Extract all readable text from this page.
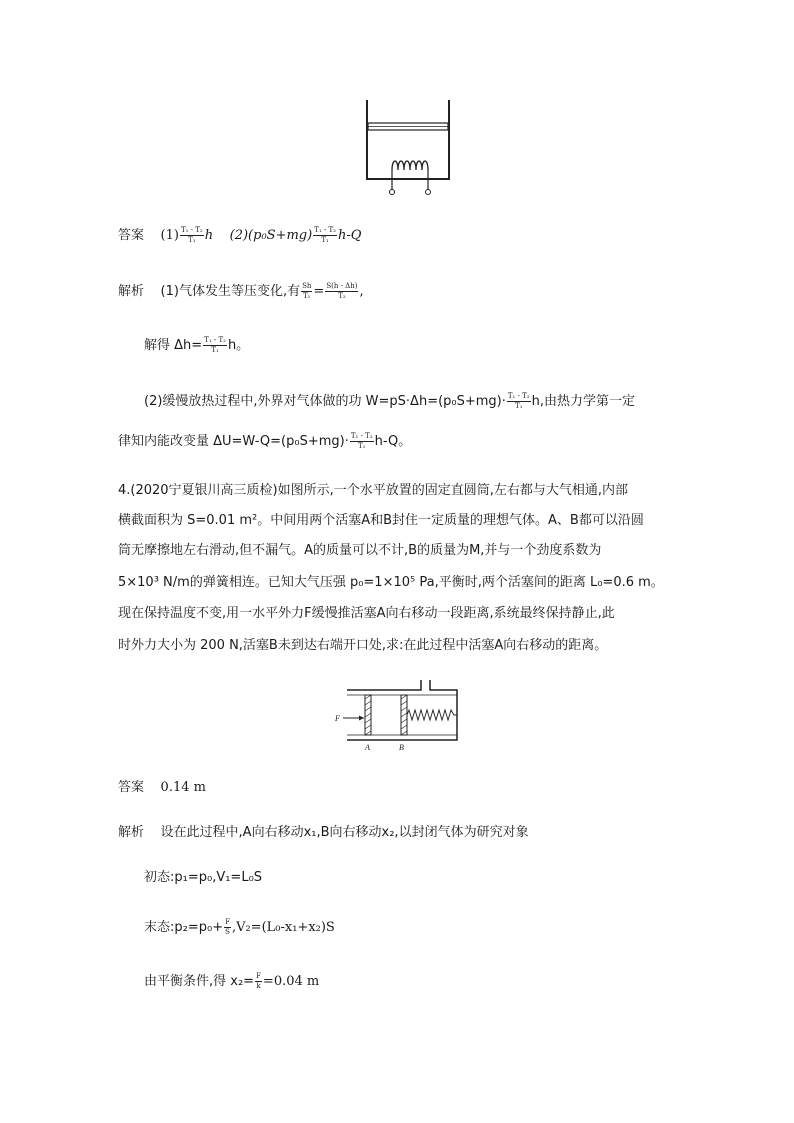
答案 $(1) \frac{\text{T₁ - T₂}}{\text{T₁}}$ h $(2)(p_0S+mg) \frac{\text{T₁ - T₂}}{\text{T₁}} h-Q$
解析 (1)气体发生等压变化,有 $\frac{Sh}{\text{T₁}} = \frac{S(h - \Delta h)}{\text{T₂}}$ ,
解得 $\Delta h= \frac{\text{T₁ - T₂}}{\text{T₁}}$ h。
(2)缓慢放热过程中,外界对气体做的功 $W=pS\cdot\Delta h=(p_0S+mg)\cdot \frac{\text{T₁ - T₂}}{\text{T₁}} h$,由热力学第一定
律知内能改变量 $\Delta U=W-Q=(p_0S+mg)\cdot \frac{\text{T₁ - T₂}}{\text{T₁}} h-Q$。
4.(2020宁夏银川高三质检)如图所示,一个水平放置的固定直圆筒,左右都与大气相通,内部
横截面积为 S=0.01 m²。中间用两个活塞A和B封住一定质量的理想气体。A、B都可以沿圆
筒无摩擦地左右滑动,但不漏气。A的质量可以不计,B的质量为M,并与一个劲度系数为
5×10³ N/m的弹簧相连。已知大气压强 p₀=1×10⁵ Pa,平衡时,两个活塞间的距离 L₀=0.6 m。
现在保持温度不变,用一水平外力F缓慢推活塞A向右移动一段距离,系统最终保持静止,此
时外力大小为 200 N,活塞B未到达右端开口处,求:在此过程中活塞A向右移动的距离。
F
A	B
答案 0.14 m
解析 设在此过程中,A向右移动x₁,B向右移动x₂,以封闭气体为研究对象
初态:p₁=p₀,V₁=L₀S
末态:p₂=p₀+ $\frac{F}{S} ,V_2=(L_0-x_1+x_2)S$
由平衡条件,得 $x_2= \frac{F}{k} =0.04$ m
